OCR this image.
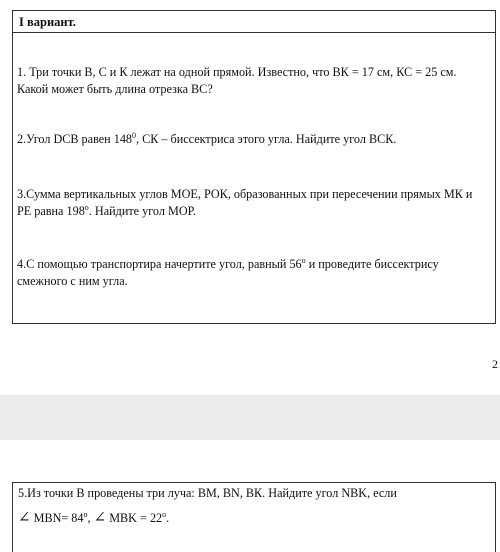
I вариант.
1. Три точки В, С и К лежат на одной прямой. Известно, что ВК = 17 см, КС = 25 см.
Какой может быть длина отрезка ВС?
2.Угол DCB равен $148^0$, СК – биссектриса этого угла. Найдите угол ВСК.
3.Сумма вертикальных углов МОЕ, РОК, образованных при пересечении прямых МК и
РЕ равна 198$^o$. Найдите угол МОР.
4.С помощью транспортира начертите угол, равный 56$^o$ и проведите биссектрису
смежного с ним угла.
2
5.Из точки В проведены три луча: ВМ, ВN, ВК. Найдите угол NBK, если
∠ $MBN= 84^o$, ∠ MBK = $22^o$.
